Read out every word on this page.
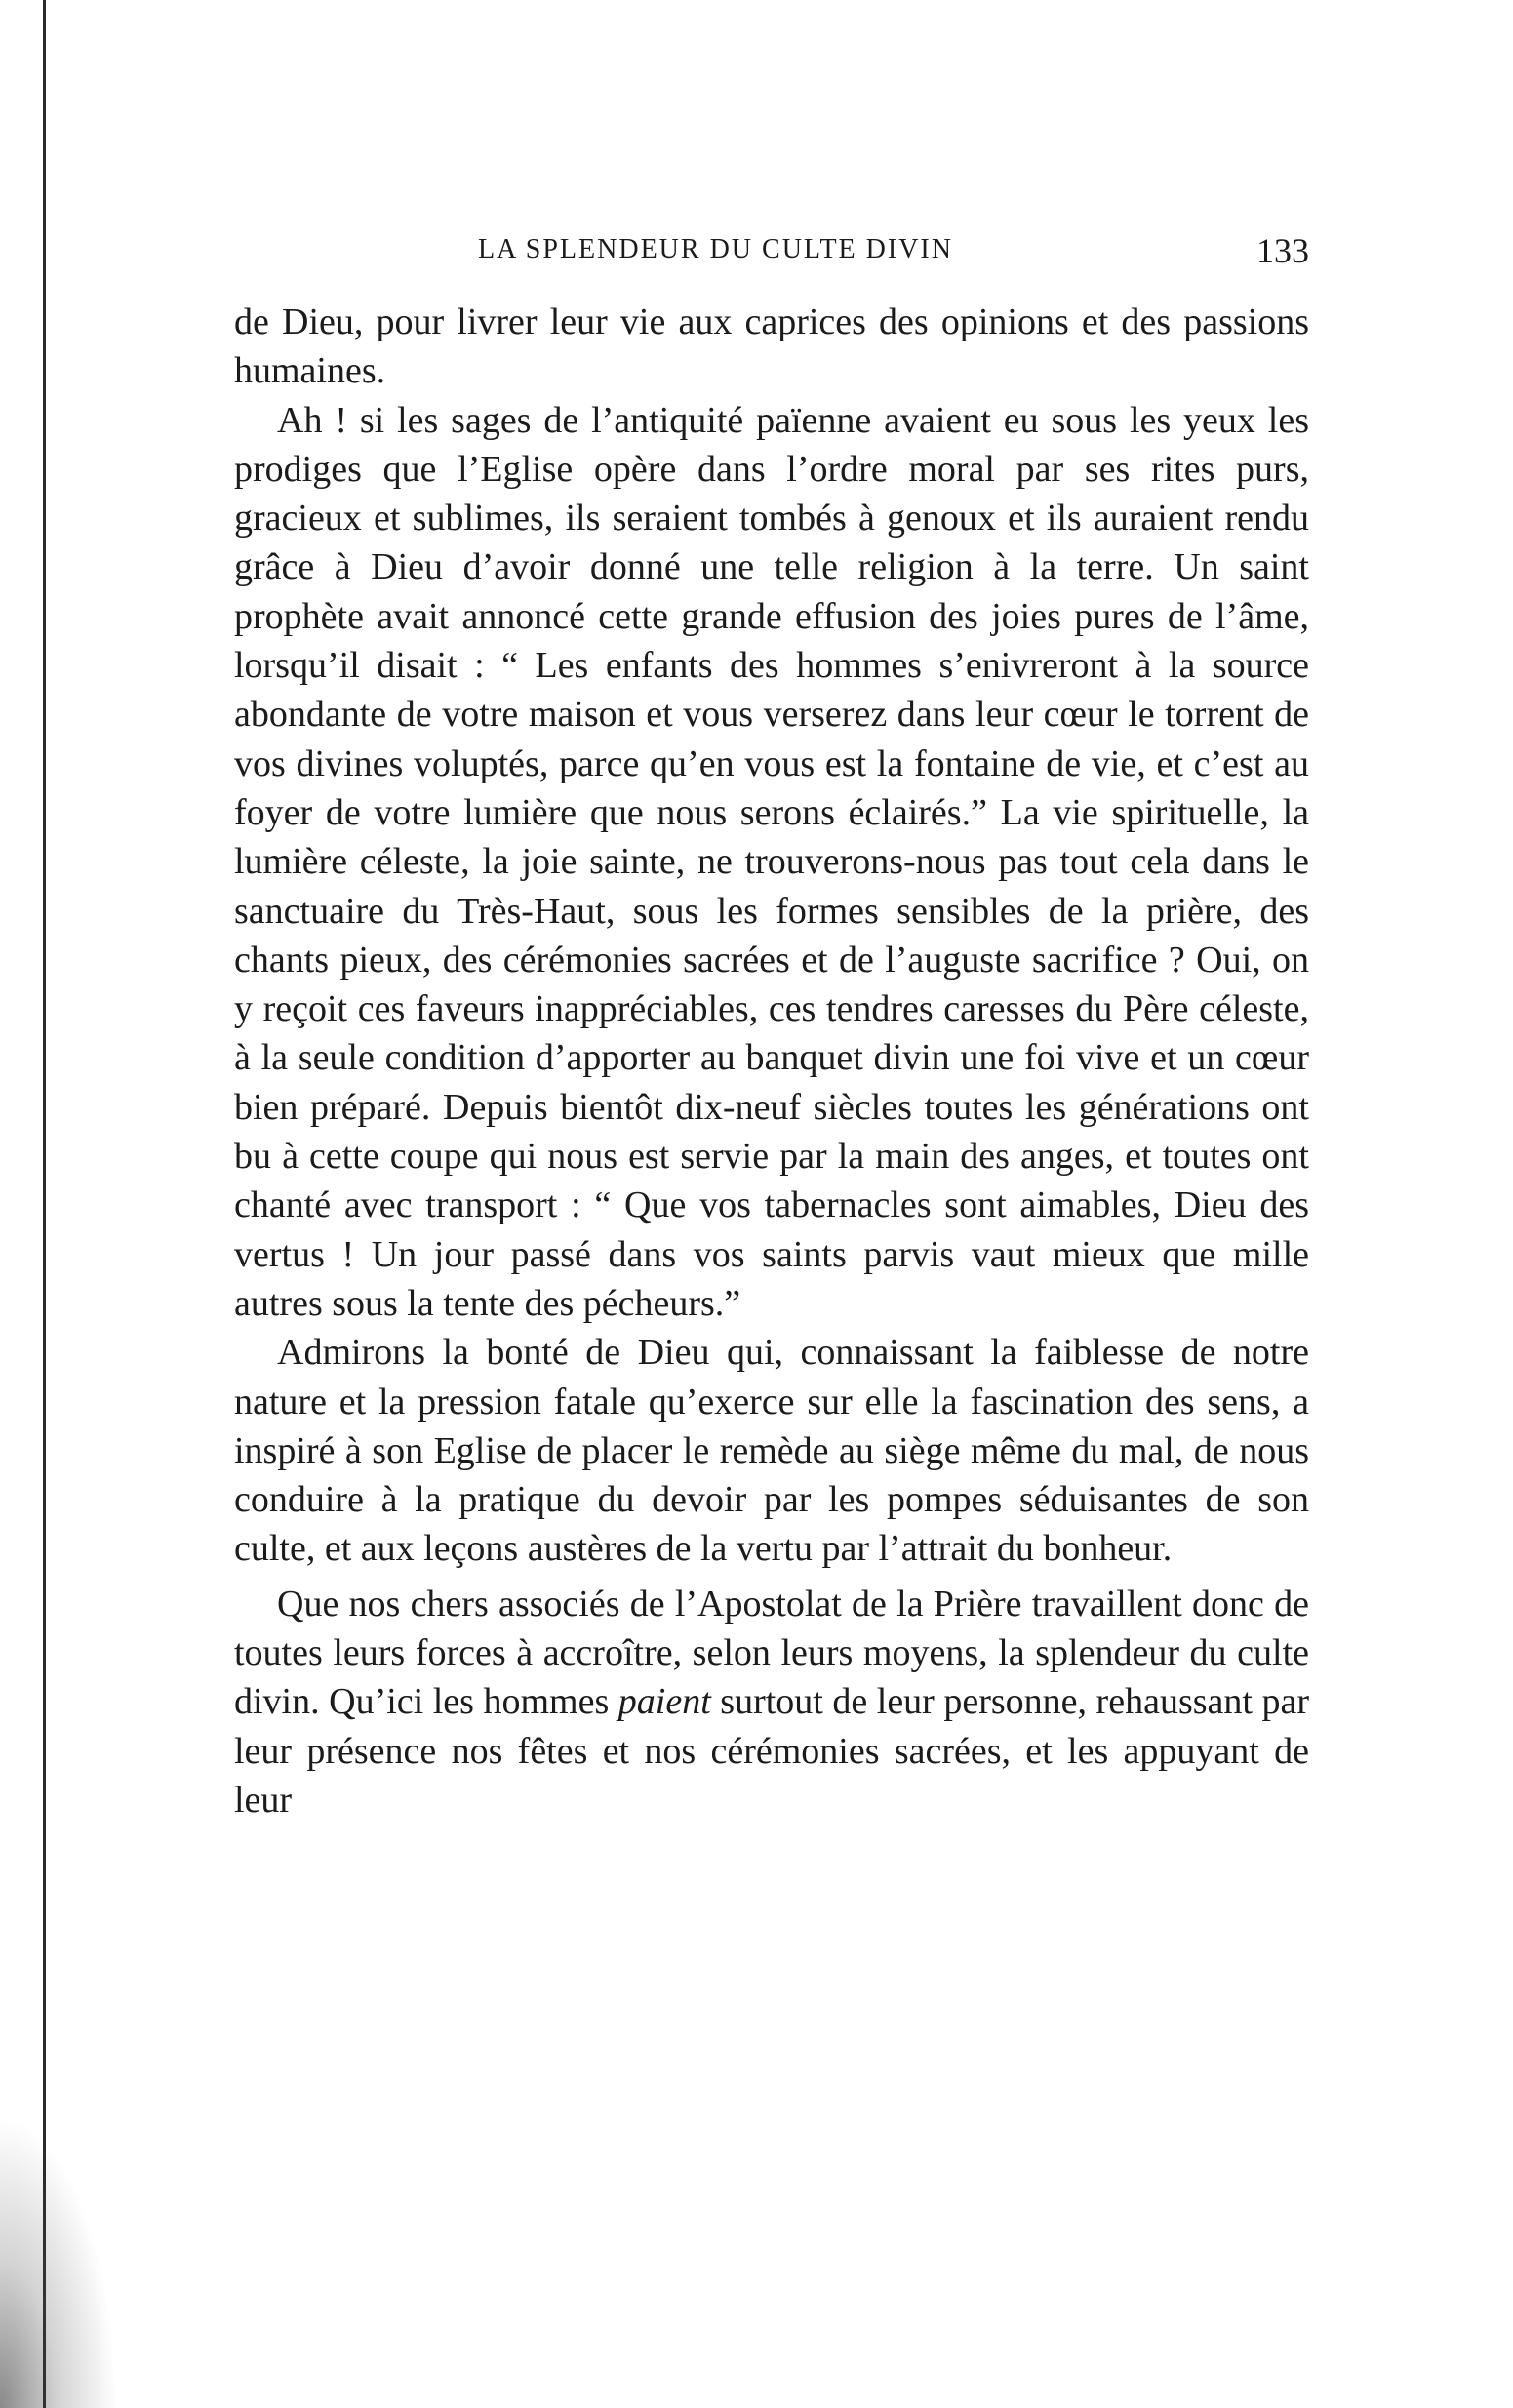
LA SPLENDEUR DU CULTE DIVIN	133

de Dieu, pour livrer leur vie aux caprices des opinions et des passions humaines.

Ah ! si les sages de l’antiquité païenne avaient eu sous les yeux les prodiges que l’Eglise opère dans l’ordre moral par ses rites purs, gracieux et sublimes, ils seraient tombés à genoux et ils auraient rendu grâce à Dieu d’avoir donné une telle religion à la terre. Un saint prophète avait annoncé cette grande effusion des joies pures de l’âme, lorsqu’il disait : “ Les enfants des hommes s’enivreront à la source abondante de votre maison et vous verserez dans leur cœur le torrent de vos divines voluptés, parce qu’en vous est la fontaine de vie, et c’est au foyer de votre lumière que nous serons éclairés.” La vie spirituelle, la lumière céleste, la joie sainte, ne trouverons-nous pas tout cela dans le sanctuaire du Très-Haut, sous les formes sensibles de la prière, des chants pieux, des cérémonies sacrées et de l’auguste sacrifice ? Oui, on y reçoit ces faveurs inappréciables, ces tendres caresses du Père céleste, à la seule condition d’apporter au banquet divin une foi vive et un cœur bien préparé. Depuis bientôt dix-neuf siècles toutes les générations ont bu à cette coupe qui nous est servie par la main des anges, et toutes ont chanté avec transport : “ Que vos tabernacles sont aimables, Dieu des vertus ! Un jour passé dans vos saints parvis vaut mieux que mille autres sous la tente des pécheurs.”

Admirons la bonté de Dieu qui, connaissant la faiblesse de notre nature et la pression fatale qu’exerce sur elle la fascination des sens, a inspiré à son Eglise de placer le remède au siège même du mal, de nous conduire à la pratique du devoir par les pompes séduisantes de son culte, et aux leçons austères de la vertu par l’attrait du bonheur.

Que nos chers associés de l’Apostolat de la Prière travaillent donc de toutes leurs forces à accroître, selon leurs moyens, la splendeur du culte divin. Qu’ici les hommes paient surtout de leur personne, rehaussant par leur présence nos fêtes et nos cérémonies sacrées, et les appuyant de leur
